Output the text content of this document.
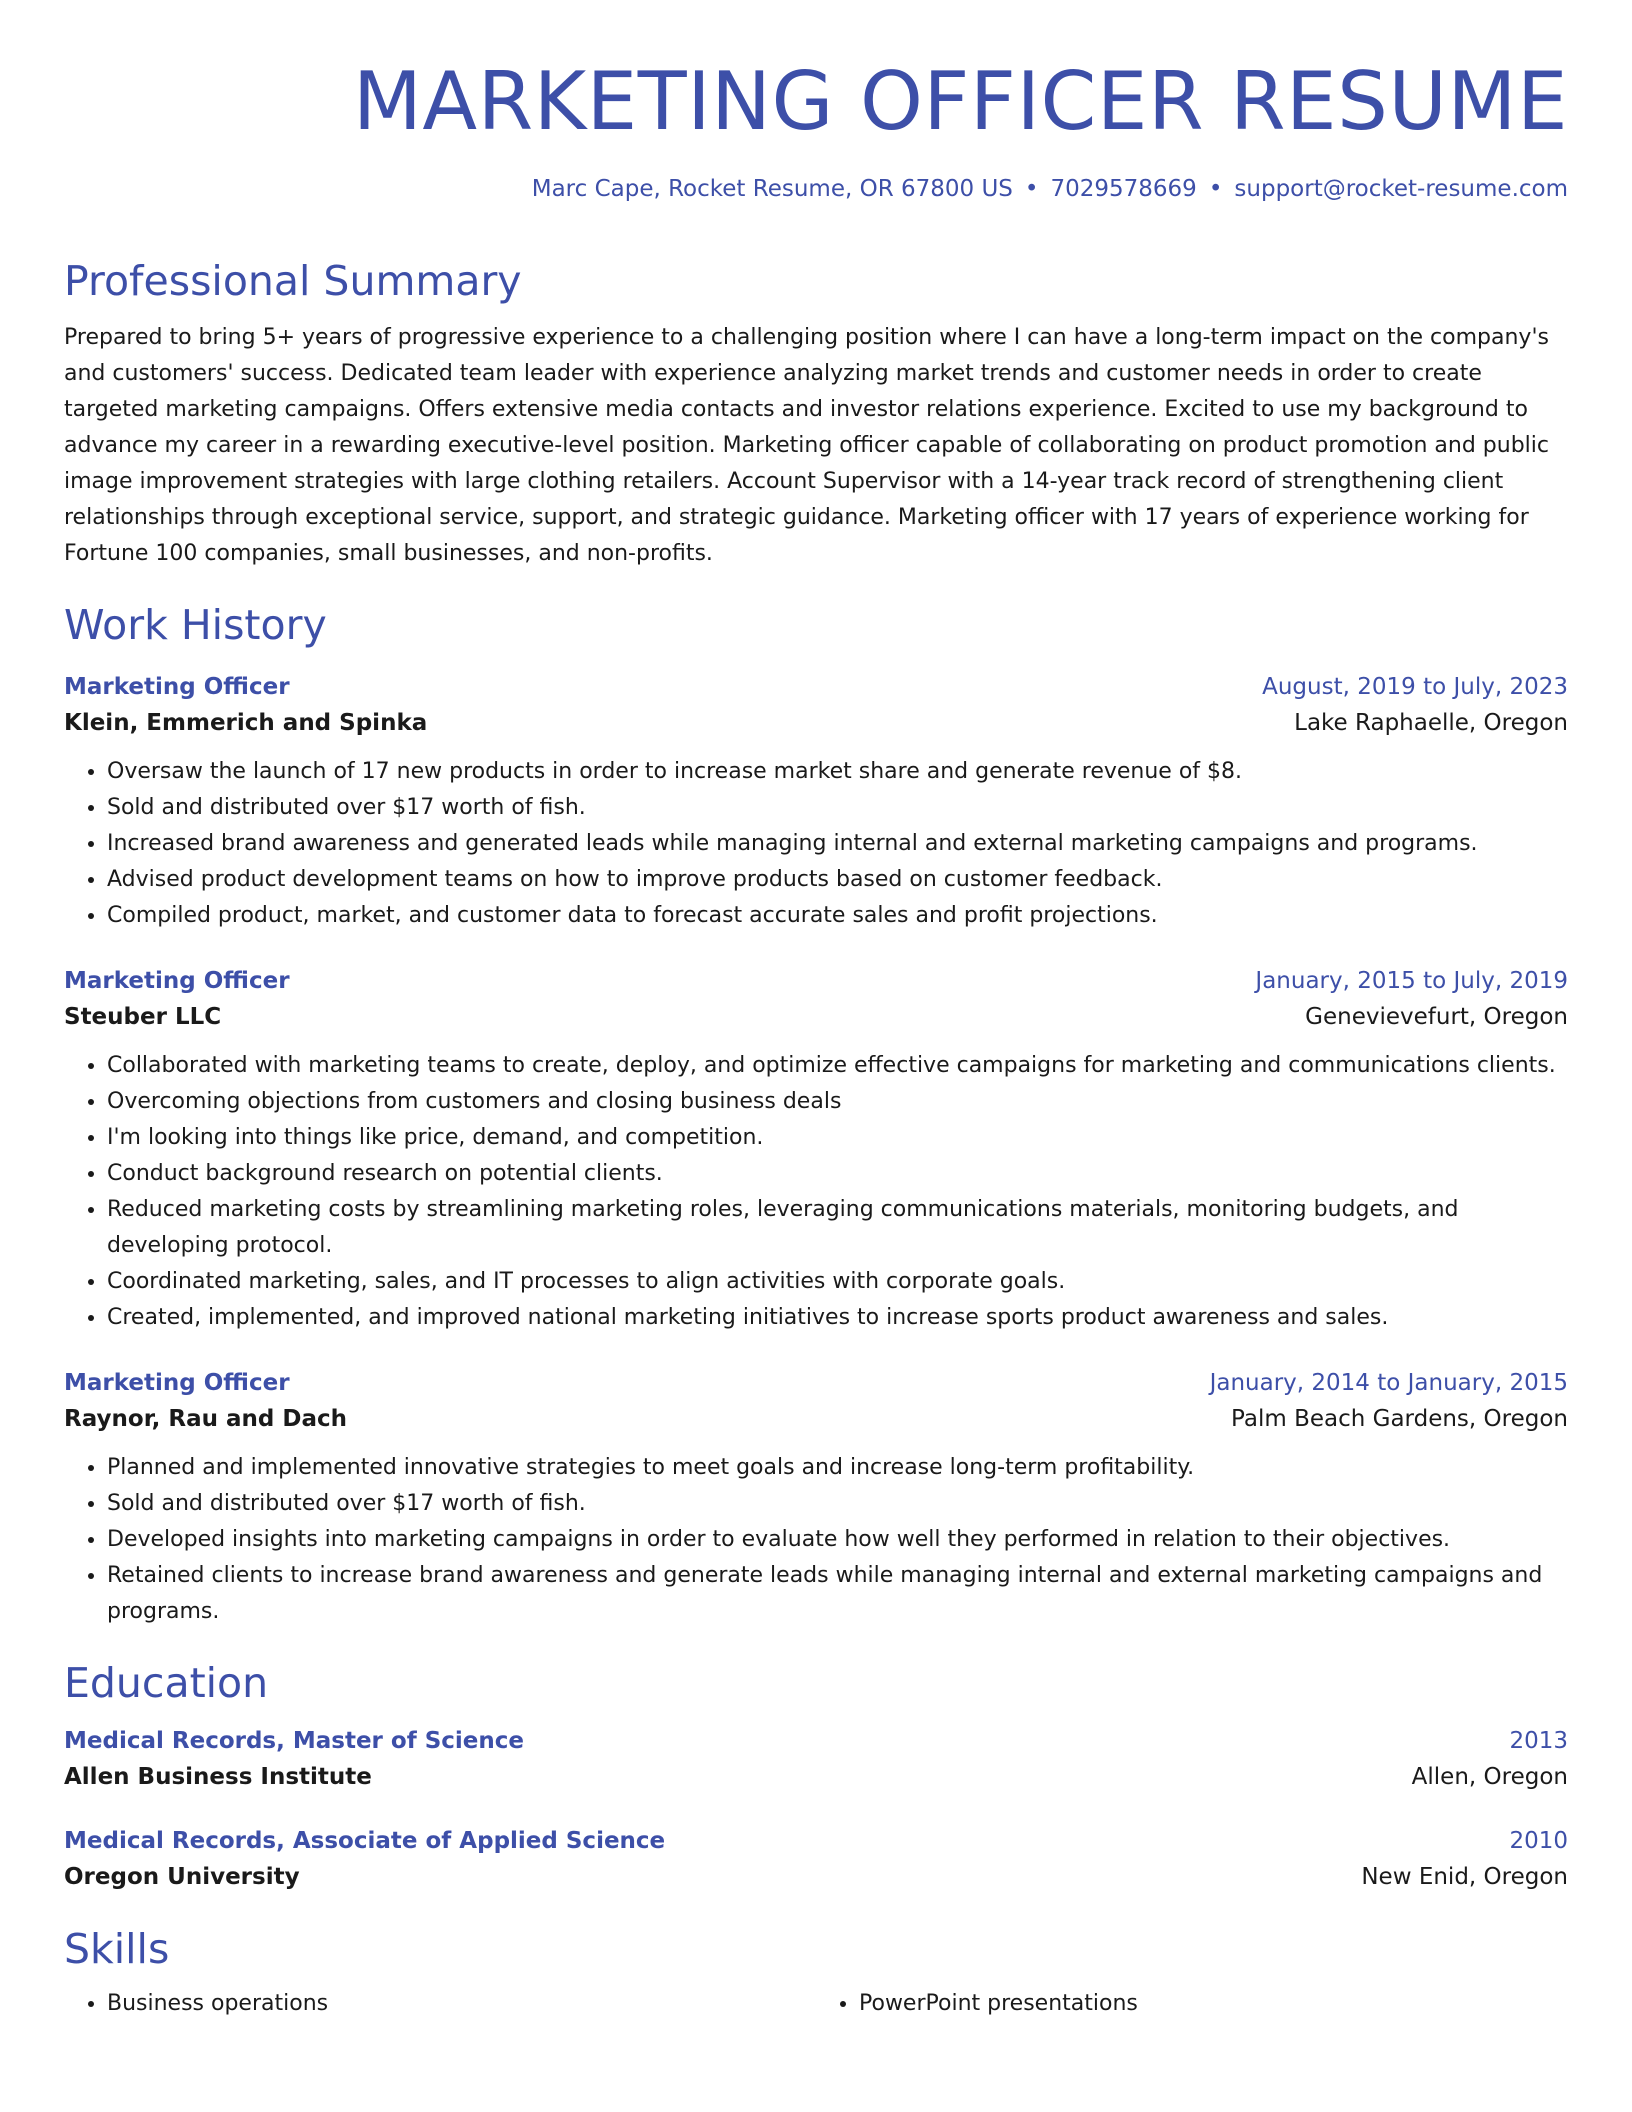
MARKETING OFFICER RESUME
Marc Cape, Rocket Resume, OR 67800 US • 7029578669 • support@rocket-resume.com
Professional Summary

Prepared to bring 5+ years of progressive experience to a challenging position where I can have a long-term impact on the company's and customers' success. Dedicated team leader with experience analyzing market trends and customer needs in order to create targeted marketing campaigns. Offers extensive media contacts and investor relations experience. Excited to use my background to advance my career in a rewarding executive-level position. Marketing officer capable of collaborating on product promotion and public image improvement strategies with large clothing retailers. Account Supervisor with a 14-year track record of strengthening client relationships through exceptional service, support, and strategic guidance. Marketing officer with 17 years of experience working for Fortune 100 companies, small businesses, and non-profits.

Work History
Marketing Officer	August, 2019 to July, 2023
Klein, Emmerich and Spinka	Lake Raphaelle, Oregon
• Oversaw the launch of 17 new products in order to increase market share and generate revenue of $8.
• Sold and distributed over $17 worth of fish.
• Increased brand awareness and generated leads while managing internal and external marketing campaigns and programs.
• Advised product development teams on how to improve products based on customer feedback.
• Compiled product, market, and customer data to forecast accurate sales and profit projections.
Marketing Officer	January, 2015 to July, 2019
Steuber LLC	Genevievefurt, Oregon
• Collaborated with marketing teams to create, deploy, and optimize effective campaigns for marketing and communications clients.
• Overcoming objections from customers and closing business deals
• I'm looking into things like price, demand, and competition.
• Conduct background research on potential clients.
• Reduced marketing costs by streamlining marketing roles, leveraging communications materials, monitoring budgets, and developing protocol.
• Coordinated marketing, sales, and IT processes to align activities with corporate goals.
• Created, implemented, and improved national marketing initiatives to increase sports product awareness and sales.
Marketing Officer	January, 2014 to January, 2015
Raynor, Rau and Dach	Palm Beach Gardens, Oregon
• Planned and implemented innovative strategies to meet goals and increase long-term profitability.
• Sold and distributed over $17 worth of fish.
• Developed insights into marketing campaigns in order to evaluate how well they performed in relation to their objectives.
• Retained clients to increase brand awareness and generate leads while managing internal and external marketing campaigns and programs.
Education
Medical Records, Master of Science	2013
Allen Business Institute	Allen, Oregon
Medical Records, Associate of Applied Science	2010
Oregon University	New Enid, Oregon
Skills
• Business operations
•	PowerPoint presentations
